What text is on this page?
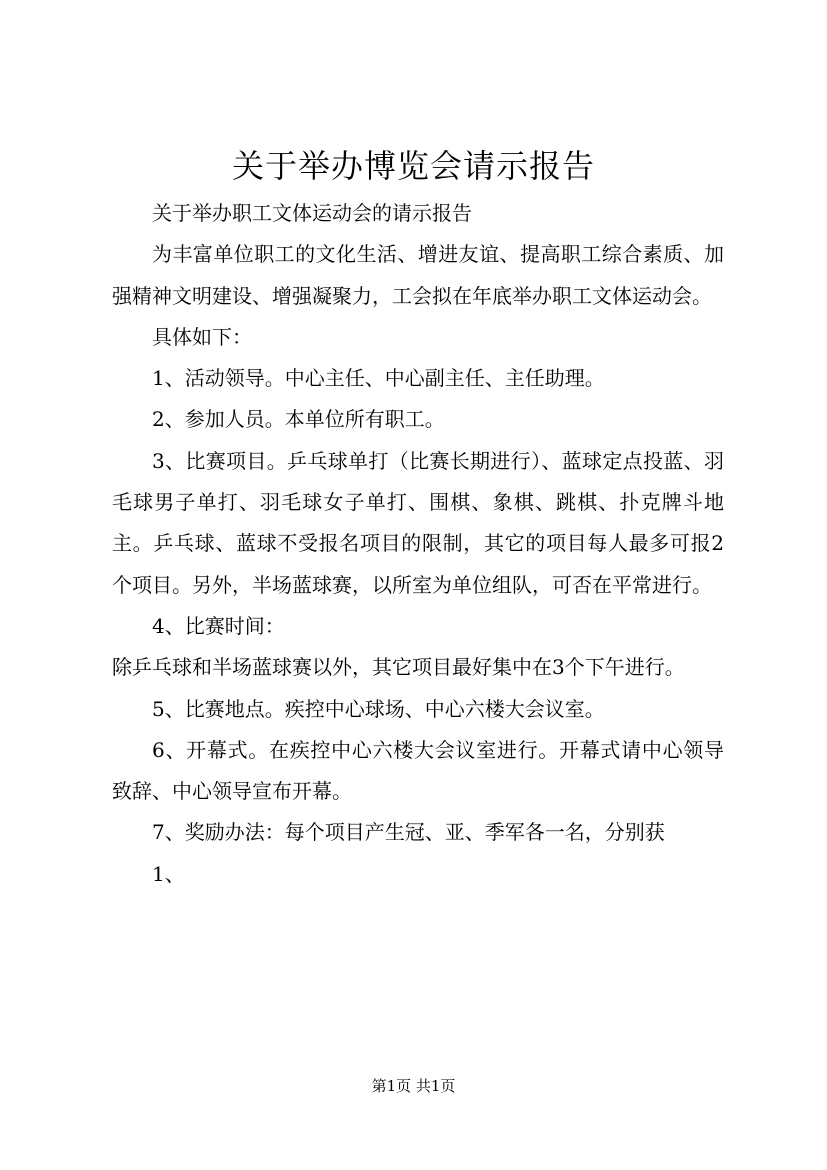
关于举办博览会请示报告

关于举办职工文体运动会的请示报告

为丰富单位职工的文化生活、增进友谊、提高职工综合素质、加强精神文明建设、增强凝聚力，工会拟在年底举办职工文体运动会。

具体如下：

1、活动领导。中心主任、中心副主任、主任助理。

2、参加人员。本单位所有职工。

3、比赛项目。乒乓球单打（比赛长期进行）、蓝球定点投蓝、羽毛球男子单打、羽毛球女子单打、围棋、象棋、跳棋、扑克牌斗地主。乒乓球、蓝球不受报名项目的限制，其它的项目每人最多可报2个项目。另外，半场蓝球赛，以所室为单位组队，可否在平常进行。

4、比赛时间：

除乒乓球和半场蓝球赛以外，其它项目最好集中在3个下午进行。

5、比赛地点。疾控中心球场、中心六楼大会议室。

6、开幕式。在疾控中心六楼大会议室进行。开幕式请中心领导致辞、中心领导宣布开幕。

7、奖励办法：每个项目产生冠、亚、季军各一名，分别获

1、

第1页 共1页
